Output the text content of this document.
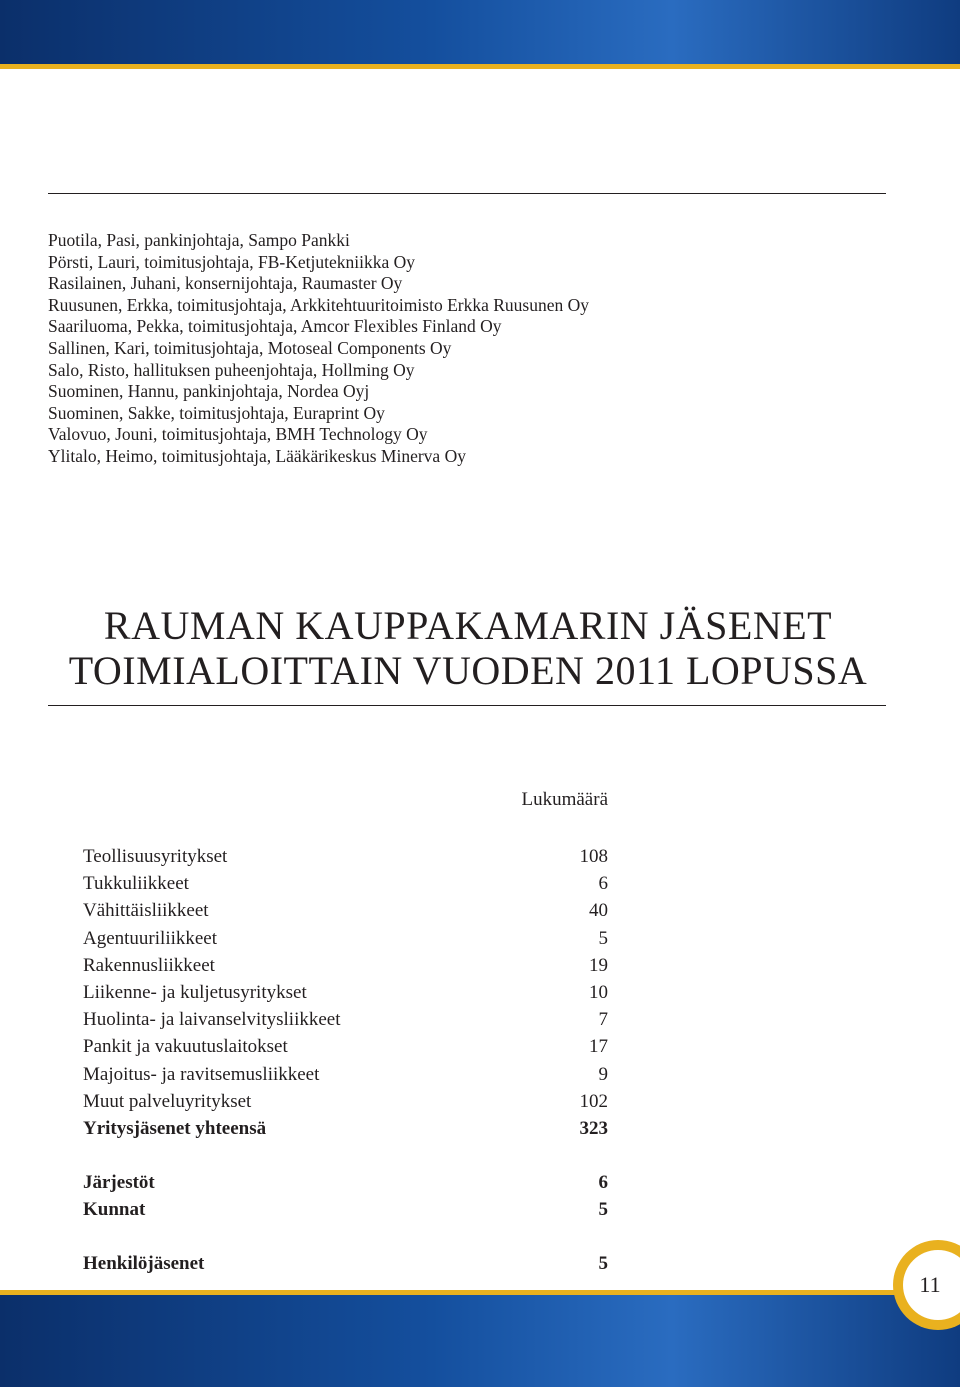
Puotila, Pasi, pankinjohtaja, Sampo Pankki
Pörsti, Lauri, toimitusjohtaja, FB-Ketjutekniikka Oy
Rasilainen, Juhani, konsernijohtaja, Raumaster Oy
Ruusunen, Erkka, toimitusjohtaja, Arkkitehtuuritoimisto Erkka Ruusunen Oy
Saariluoma, Pekka, toimitusjohtaja, Amcor Flexibles Finland Oy
Sallinen, Kari, toimitusjohtaja, Motoseal Components Oy
Salo, Risto, hallituksen puheenjohtaja, Hollming Oy
Suominen, Hannu, pankinjohtaja, Nordea Oyj
Suominen, Sakke, toimitusjohtaja, Euraprint Oy
Valovuo, Jouni, toimitusjohtaja, BMH Technology Oy
Ylitalo, Heimo, toimitusjohtaja, Lääkärikeskus Minerva Oy
RAUMAN KAUPPAKAMARIN JÄSENET
TOIMIALOITTAIN VUODEN 2011 LOPUSSA
Lukumäärä
Teollisuusyritykset	108
Tukkuliikkeet	6
Vähittäisliikkeet	40
Agentuuriliikkeet	5
Rakennusliikkeet	19
Liikenne- ja kuljetusyritykset	10
Huolinta- ja laivanselvitysliikkeet	7
Pankit ja vakuutuslaitokset	17
Majoitus- ja ravitsemusliikkeet	9
Muut palveluyritykset	102
Yritysjäsenet yhteensä	323
Järjestöt	6
Kunnat	5
Henkilöjäsenet	5
11
